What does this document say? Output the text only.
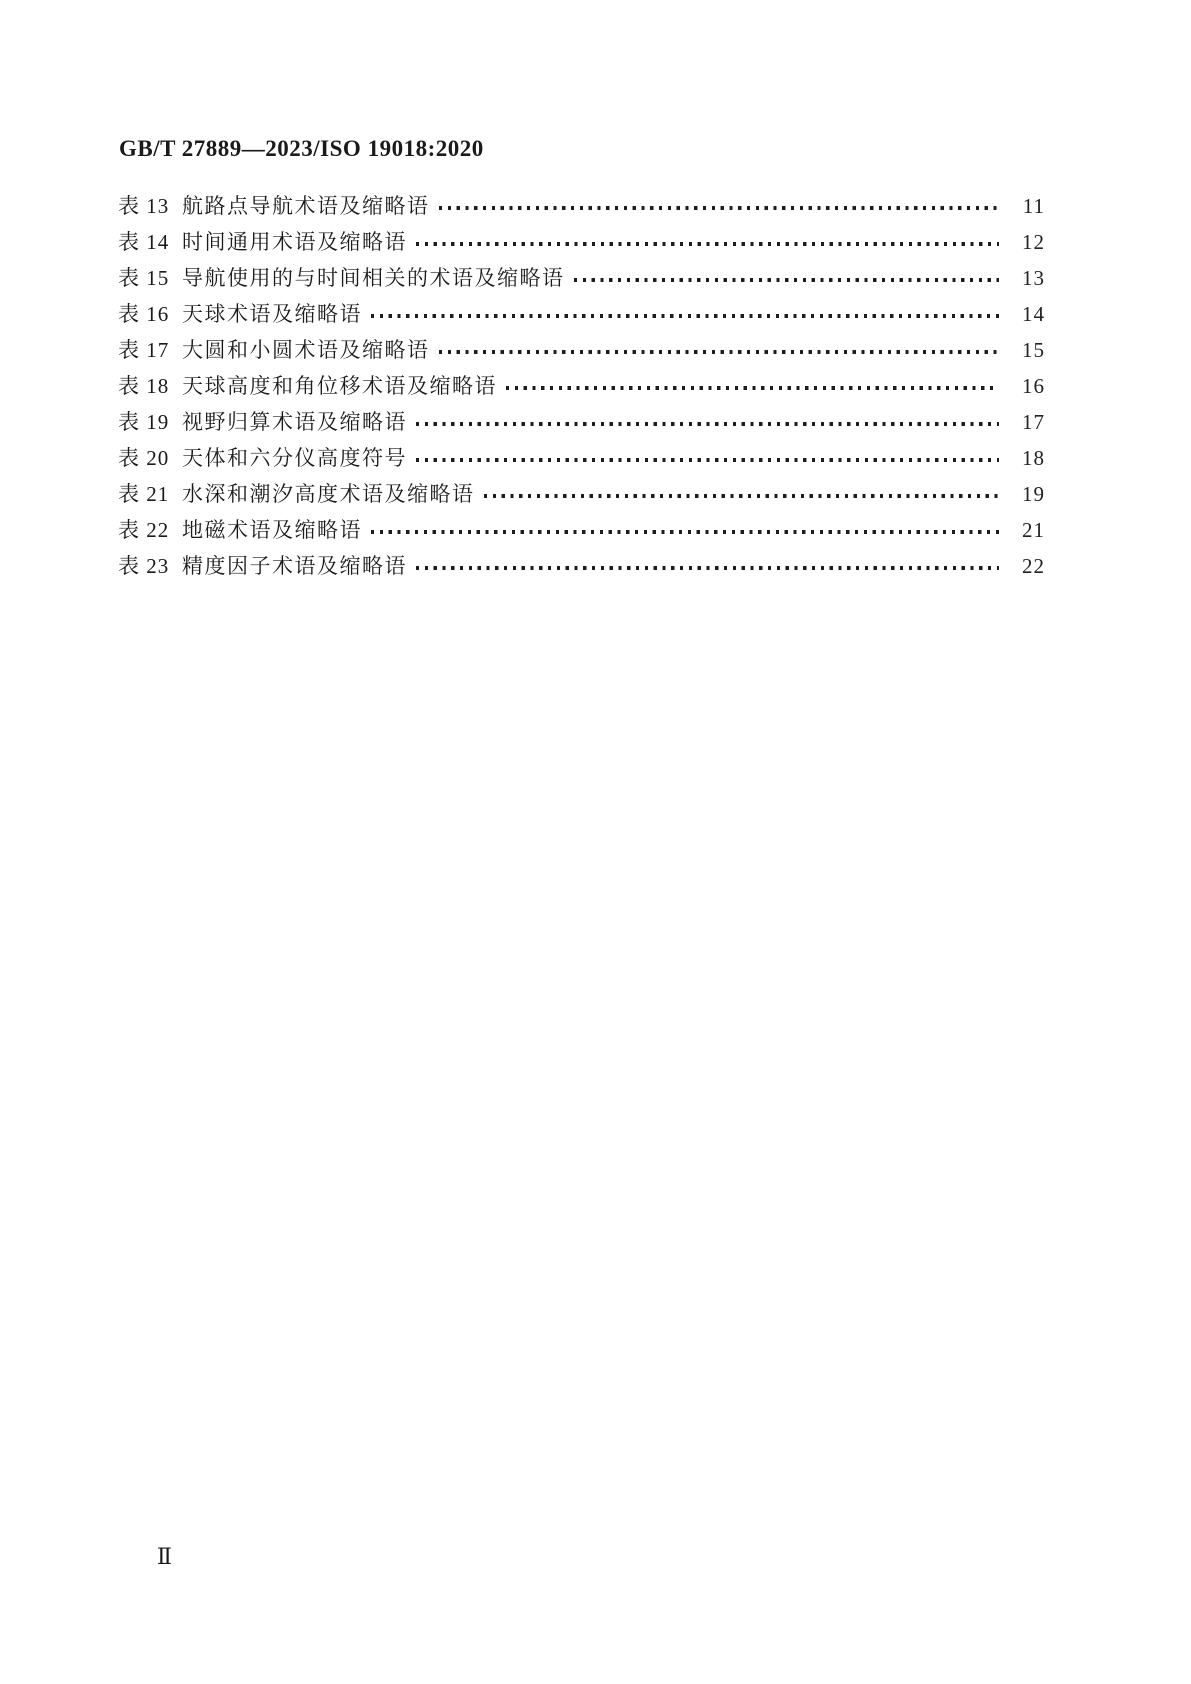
GB/T 27889—2023/ISO 19018:2020
表 13 航路点导航术语及缩略语	11
表 14 时间通用术语及缩略语	12
表 15 导航使用的与时间相关的术语及缩略语	13
表 16 天球术语及缩略语	14
表 17 大圆和小圆术语及缩略语	15
表 18 天球高度和角位移术语及缩略语	16
表 19 视野归算术语及缩略语	17
表 20 天体和六分仪高度符号	18
表 21 水深和潮汐高度术语及缩略语	19
表 22 地磁术语及缩略语	21
表 23 精度因子术语及缩略语	22
Ⅱ
